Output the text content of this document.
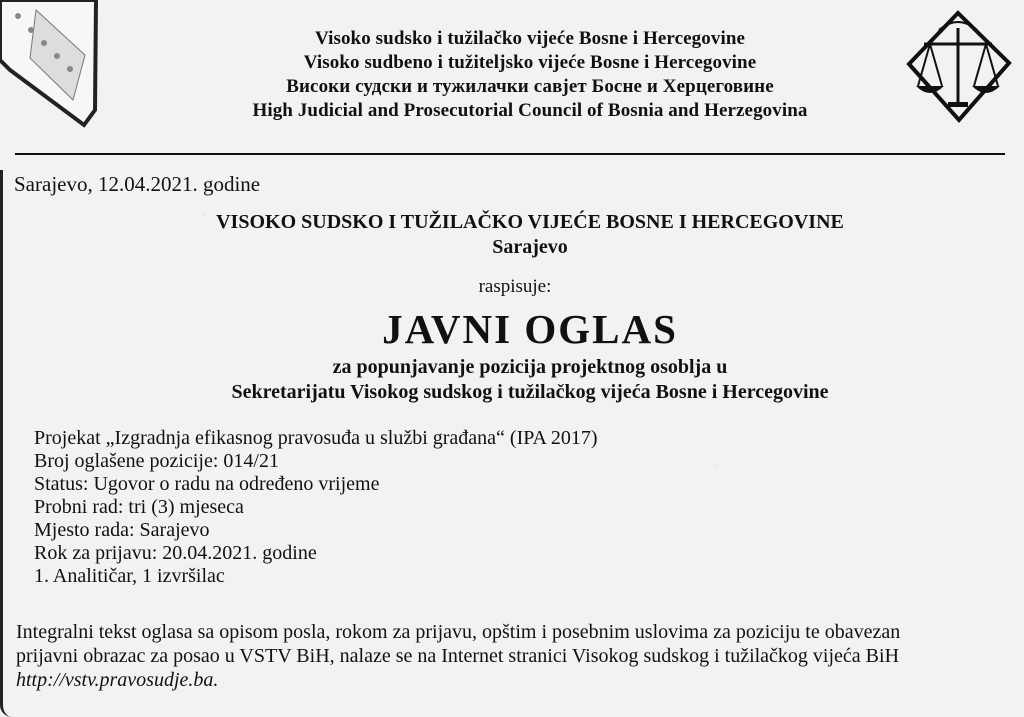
Visoko sudsko i tužilačko vijeće Bosne i Hercegovine
Visoko sudbeno i tužiteljsko vijeće Bosne i Hercegovine
Високи судски и тужилачки савјет Босне и Херцеговине
High Judicial and Prosecutorial Council of Bosnia and Herzegovina
Sarajevo, 12.04.2021. godine
VISOKO SUDSKO I TUŽILAČKO VIJEĆE BOSNE I HERCEGOVINE
Sarajevo
raspisuje:
JAVNI OGLAS
za popunjavanje pozicija projektnog osoblja u
Sekretarijatu Visokog sudskog i tužilačkog vijeća Bosne i Hercegovine
Projekat „Izgradnja efikasnog pravosuđa u službi građana“ (IPA 2017)
Broj oglašene pozicije: 014/21
Status: Ugovor o radu na određeno vrijeme
Probni rad: tri (3) mjeseca
Mjesto rada: Sarajevo
Rok za prijavu: 20.04.2021. godine
1. Analitičar, 1 izvršilac
Integralni tekst oglasa sa opisom posla, rokom za prijavu, opštim i posebnim uslovima za poziciju te obavezan
prijavni obrazac za posao u VSTV BiH, nalaze se na Internet stranici Visokog sudskog i tužilačkog vijeća BiH
http://vstv.pravosudje.ba.
